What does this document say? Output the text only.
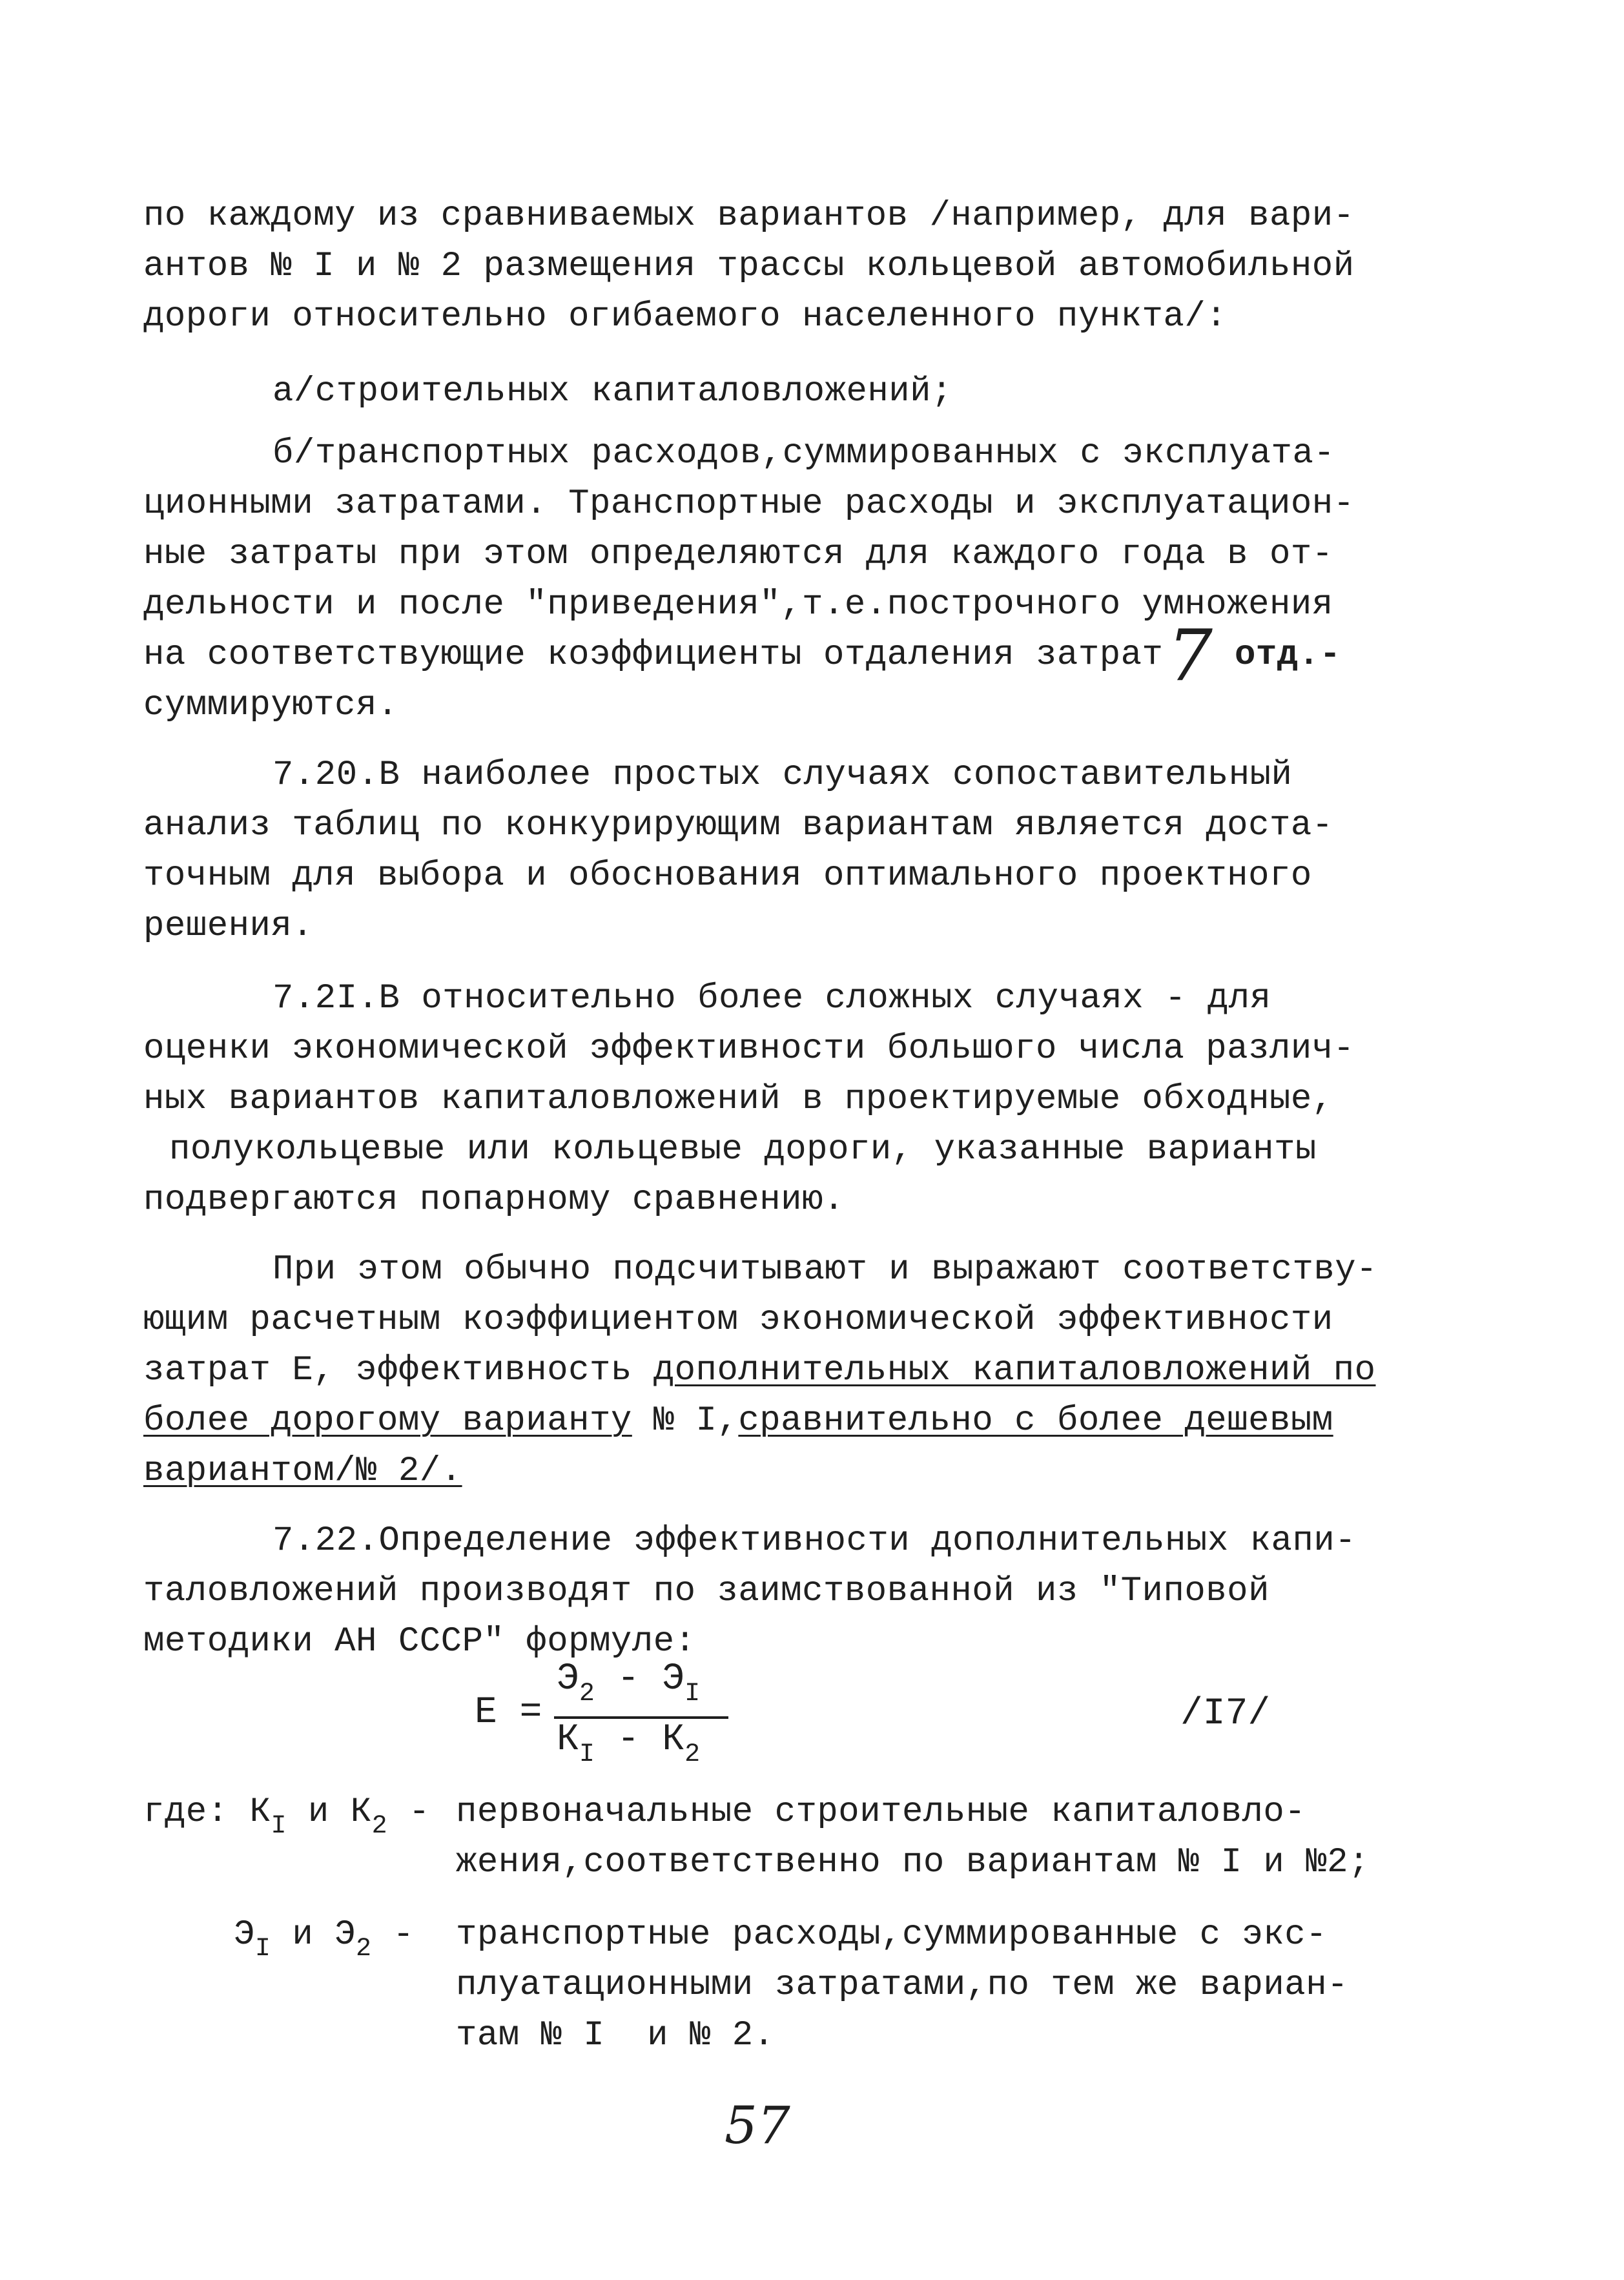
по каждому из сравниваемых вариантов /например, для вари-
антов № I и № 2 размещения трассы кольцевой автомобильной
дороги относительно огибаемого населенного пункта/:
а/строительных капиталовложений;
б/транспортных расходов,суммированных с эксплуата-
ционными затратами. Транспортные расходы и эксплуатацион-
ные затраты при этом определяются для каждого года в от-
дельности и после "приведения",т.е.построчного умножения
на соответствующие коэффициенты отдаления затрат 7 отд.-
суммируются.
7.20.В наиболее простых случаях сопоставительный
анализ таблиц по конкурирующим вариантам является доста-
точным для выбора и обоснования оптимального проектного
решения.
7.2I.В относительно более сложных случаях - для
оценки экономической эффективности большого числа различ-
ных вариантов капиталовложений в проектируемые обходные,
полукольцевые или кольцевые дороги, указанные варианты
подвергаются попарному сравнению.
При этом обычно подсчитывают и выражают соответству-
ющим расчетным коэффициентом экономической эффективности
затрат Е, эффективность дополнительных капиталовложений по
более дорогому варианту № I,сравнительно с более дешевым
вариантом/№ 2/.
7.22.Определение эффективности дополнительных капи-
таловложений производят по заимствованной из "Типовой
методики АН СССР" формуле:
Е =
$Э_2 - Э_I$
$К_I - К_2$
/I7/
где: $К_I$ и $К_2$ - первоначальные строительные капиталовло-
жения,соответственно по вариантам № I и №2;
$Э_I$ и $Э_2$ - транспортные расходы,суммированные с экс-
плуатационными затратами,по тем же вариан-
там № I  и № 2.
57
